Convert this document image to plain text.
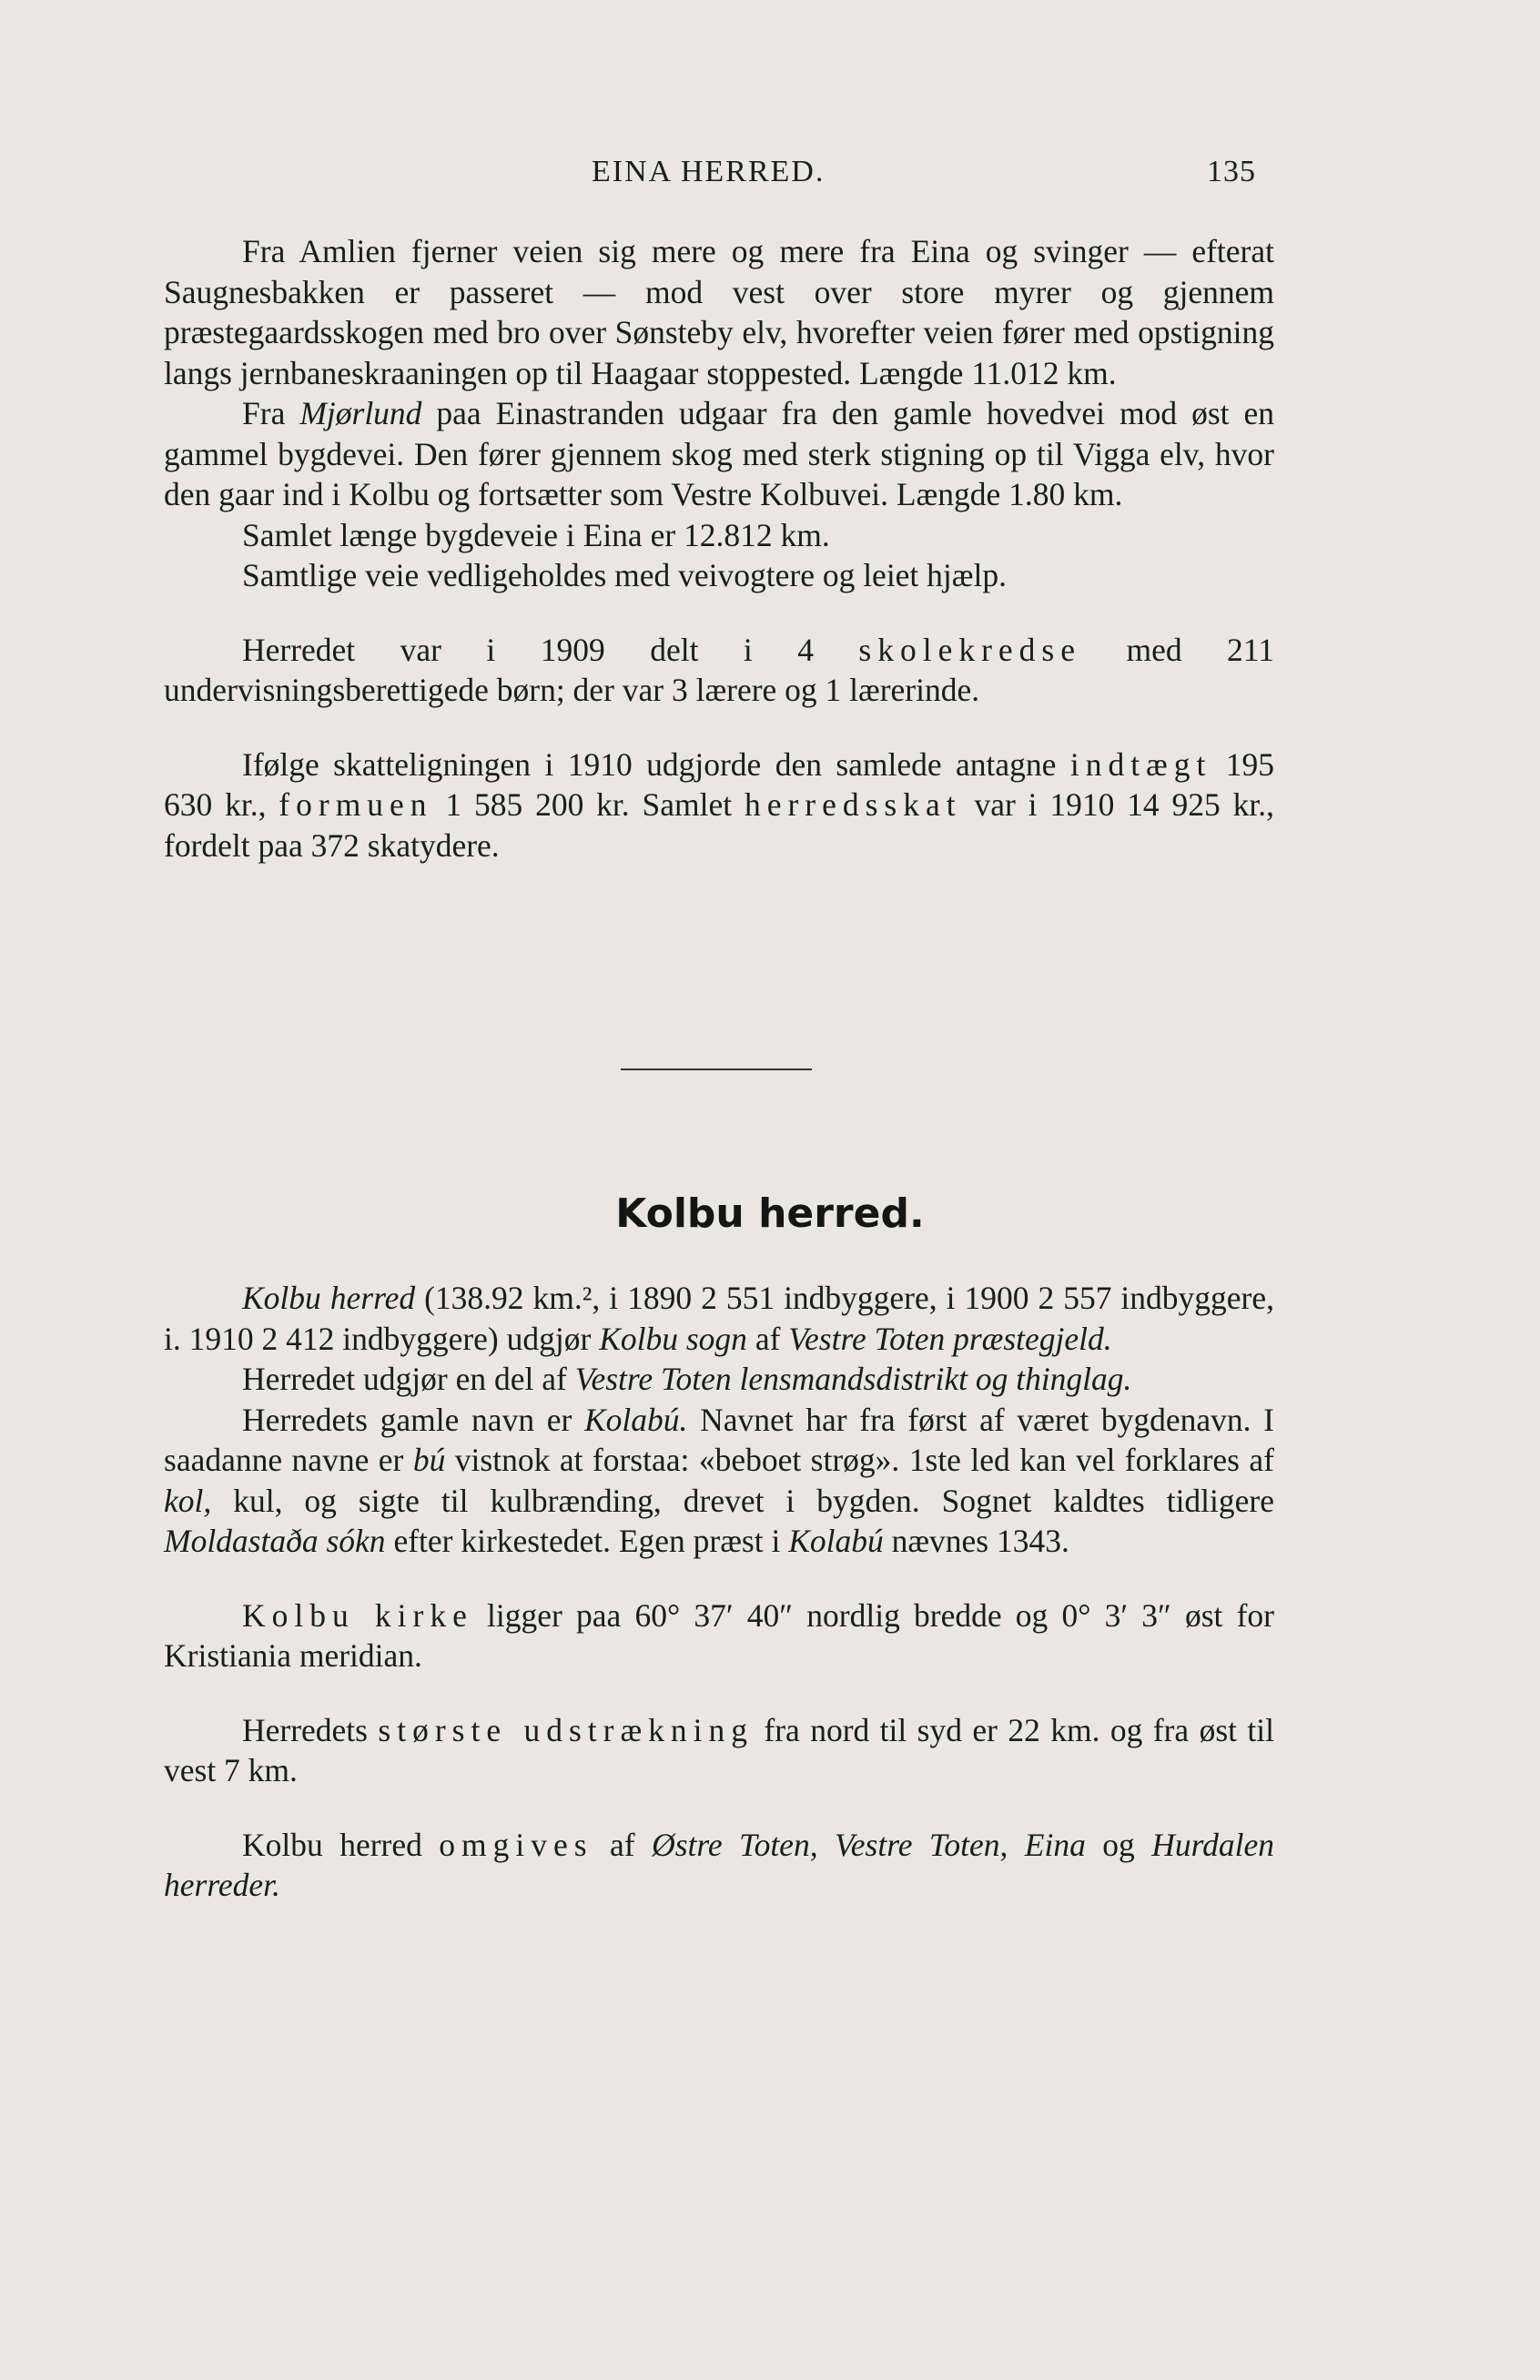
EINA HERRED.	135

Fra Amlien fjerner veien sig mere og mere fra Eina og svinger — efterat Saugnesbakken er passeret — mod vest over store myrer og gjennem præstegaardsskogen med bro over Sønsteby elv, hvorefter veien fører med opstigning langs jernbaneskraaningen op til Haagaar stoppested. Længde 11.012 km.

Fra Mjørlund paa Einastranden udgaar fra den gamle hovedvei mod øst en gammel bygdevei. Den fører gjennem skog med sterk stigning op til Vigga elv, hvor den gaar ind i Kolbu og fortsætter som Vestre Kolbuvei. Længde 1.80 km.

Samlet længe bygdeveie i Eina er 12.812 km.

Samtlige veie vedligeholdes med veivogtere og leiet hjælp.

Herredet var i 1909 delt i 4 skolekredse med 211 undervisningsberettigede børn; der var 3 lærere og 1 lærerinde.

Ifølge skatteligningen i 1910 udgjorde den samlede antagne indtægt 195 630 kr., formuen 1 585 200 kr. Samlet herredsskat var i 1910 14 925 kr., fordelt paa 372 skatydere.

Kolbu herred.

Kolbu herred (138.92 km.², i 1890 2 551 indbyggere, i 1900 2 557 indbyggere, i. 1910 2 412 indbyggere) udgjør Kolbu sogn af Vestre Toten præstegjeld.

Herredet udgjør en del af Vestre Toten lensmandsdistrikt og thinglag.

Herredets gamle navn er Kolabú. Navnet har fra først af været bygdenavn. I saadanne navne er bú vistnok at forstaa: «beboet strøg». 1ste led kan vel forklares af kol, kul, og sigte til kulbrænding, drevet i bygden. Sognet kaldtes tidligere Moldastaða sókn efter kirkestedet. Egen præst i Kolabú nævnes 1343.

Kolbu kirke ligger paa 60° 37′ 40″ nordlig bredde og 0° 3′ 3″ øst for Kristiania meridian.

Herredets største udstrækning fra nord til syd er 22 km. og fra øst til vest 7 km.

Kolbu herred omgives af Østre Toten, Vestre Toten, Eina og Hurdalen herreder.
